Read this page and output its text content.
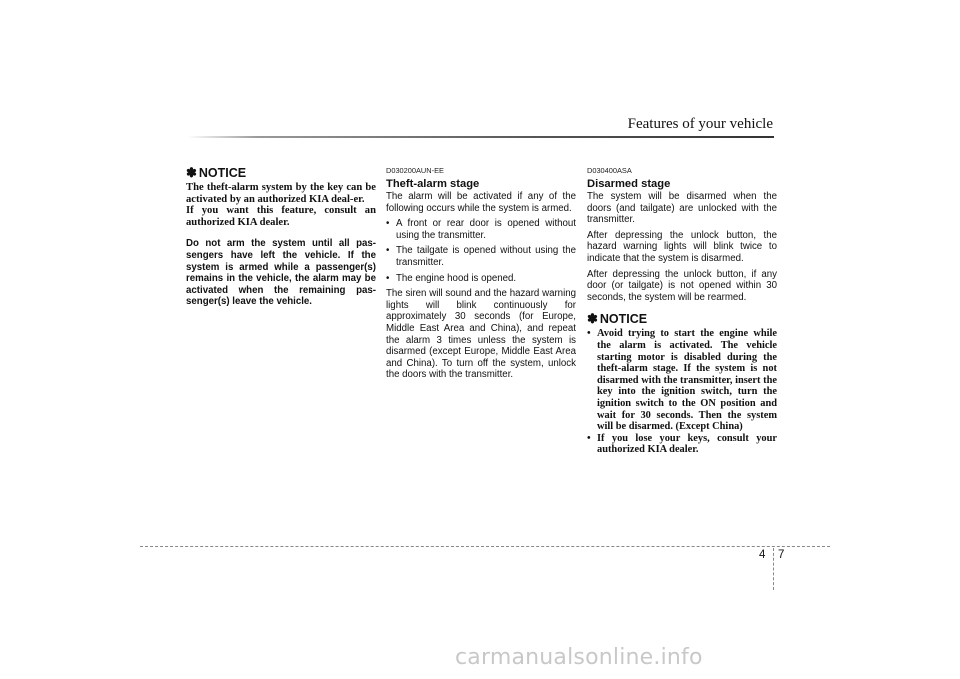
Features of your vehicle

✽ NOTICE

The theft-alarm system by the key can be activated by an authorized KIA deal-er.

If you want this feature, consult an authorized KIA dealer.

Do not arm the system until all pas-sengers have left the vehicle. If the system is armed while a passenger(s) remains in the vehicle, the alarm may be activated when the remaining pas-senger(s) leave the vehicle.

D030200AUN-EE

Theft-alarm stage

The alarm will be activated if any of the following occurs while the system is armed.

• A front or rear door is opened without using the transmitter.
• The tailgate is opened without using the transmitter.
• The engine hood is opened.

The siren will sound and the hazard warning lights will blink continuously for approximately 30 seconds (for Europe, Middle East Area and China), and repeat the alarm 3 times unless the system is disarmed (except Europe, Middle East Area and China). To turn off the system, unlock the doors with the transmitter.

D030400ASA

Disarmed stage

The system will be disarmed when the doors (and tailgate) are unlocked with the transmitter.

After depressing the unlock button, the hazard warning lights will blink twice to indicate that the system is disarmed.

After depressing the unlock button, if any door (or tailgate) is not opened within 30 seconds, the system will be rearmed.

✽ NOTICE

• Avoid trying to start the engine while the alarm is activated. The vehicle starting motor is disabled during the theft-alarm stage. If the system is not disarmed with the transmitter, insert the key into the ignition switch, turn the ignition switch to the ON position and wait for 30 seconds. Then the system will be disarmed. (Except China)
• If you lose your keys, consult your authorized KIA dealer.
4 7
carmanualsonline.info
